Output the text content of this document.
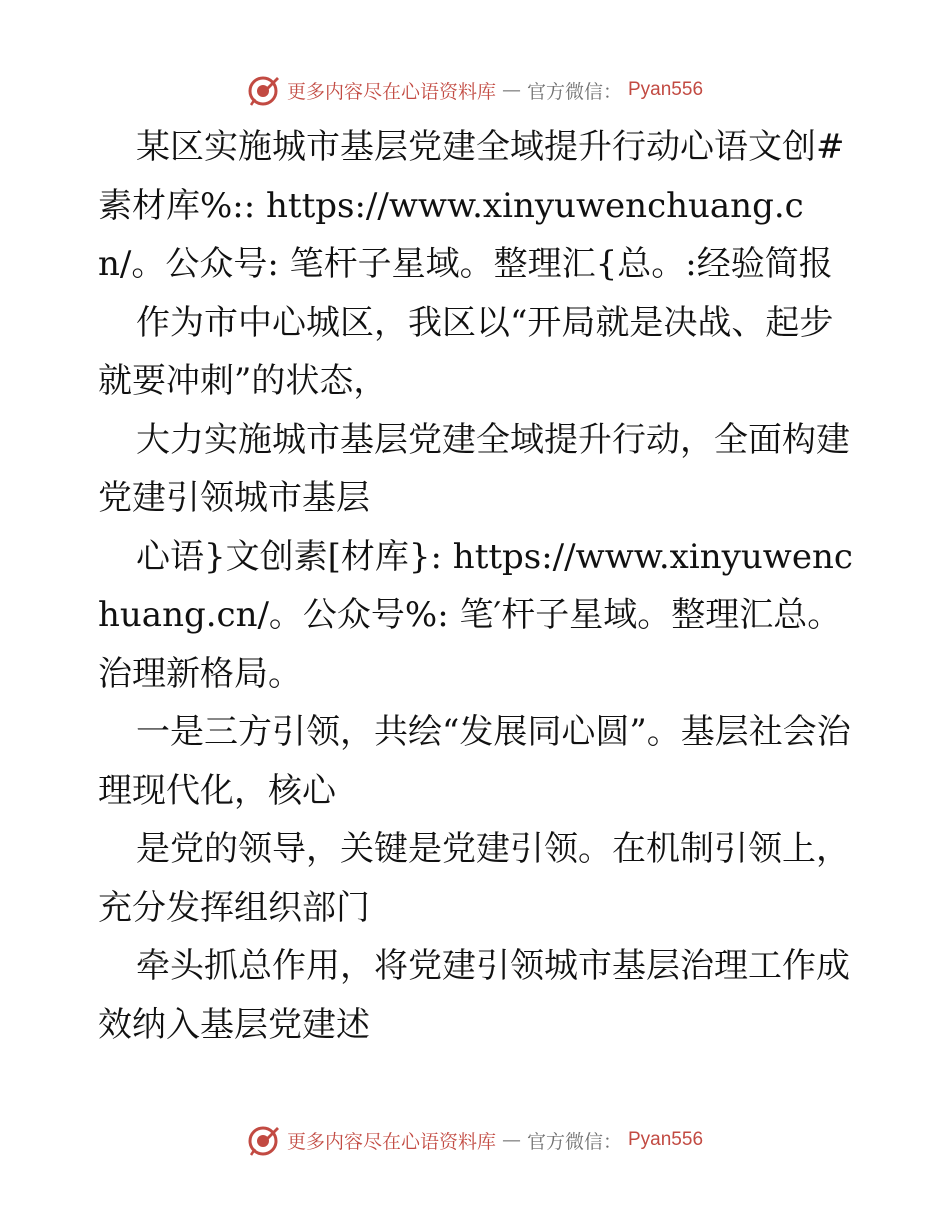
更多内容尽在心语资料库 — 官方微信： Pyan556

某区实施城市基层党建全域提升行动心语文创#素材库%:: https://www.xinyuwenchuang.cn/。公众号: 笔杆子星域。整理汇{总。:经验简报

作为市中心城区，我区以“开局就是决战、起步就要冲刺”的状态，

大力实施城市基层党建全域提升行动，全面构建党建引领城市基层

心语}文创素[材库}: https://www.xinyuwenchuang.cn/。公众号%: 笔′杆子星域。整理汇总。治理新格局。

一是三方引领，共绘“发展同心圆”。基层社会治理现代化，核心

是党的领导，关键是党建引领。在机制引领上，充分发挥组织部门

牵头抓总作用，将党建引领城市基层治理工作成效纳入基层党建述

更多内容尽在心语资料库 — 官方微信： Pyan556
